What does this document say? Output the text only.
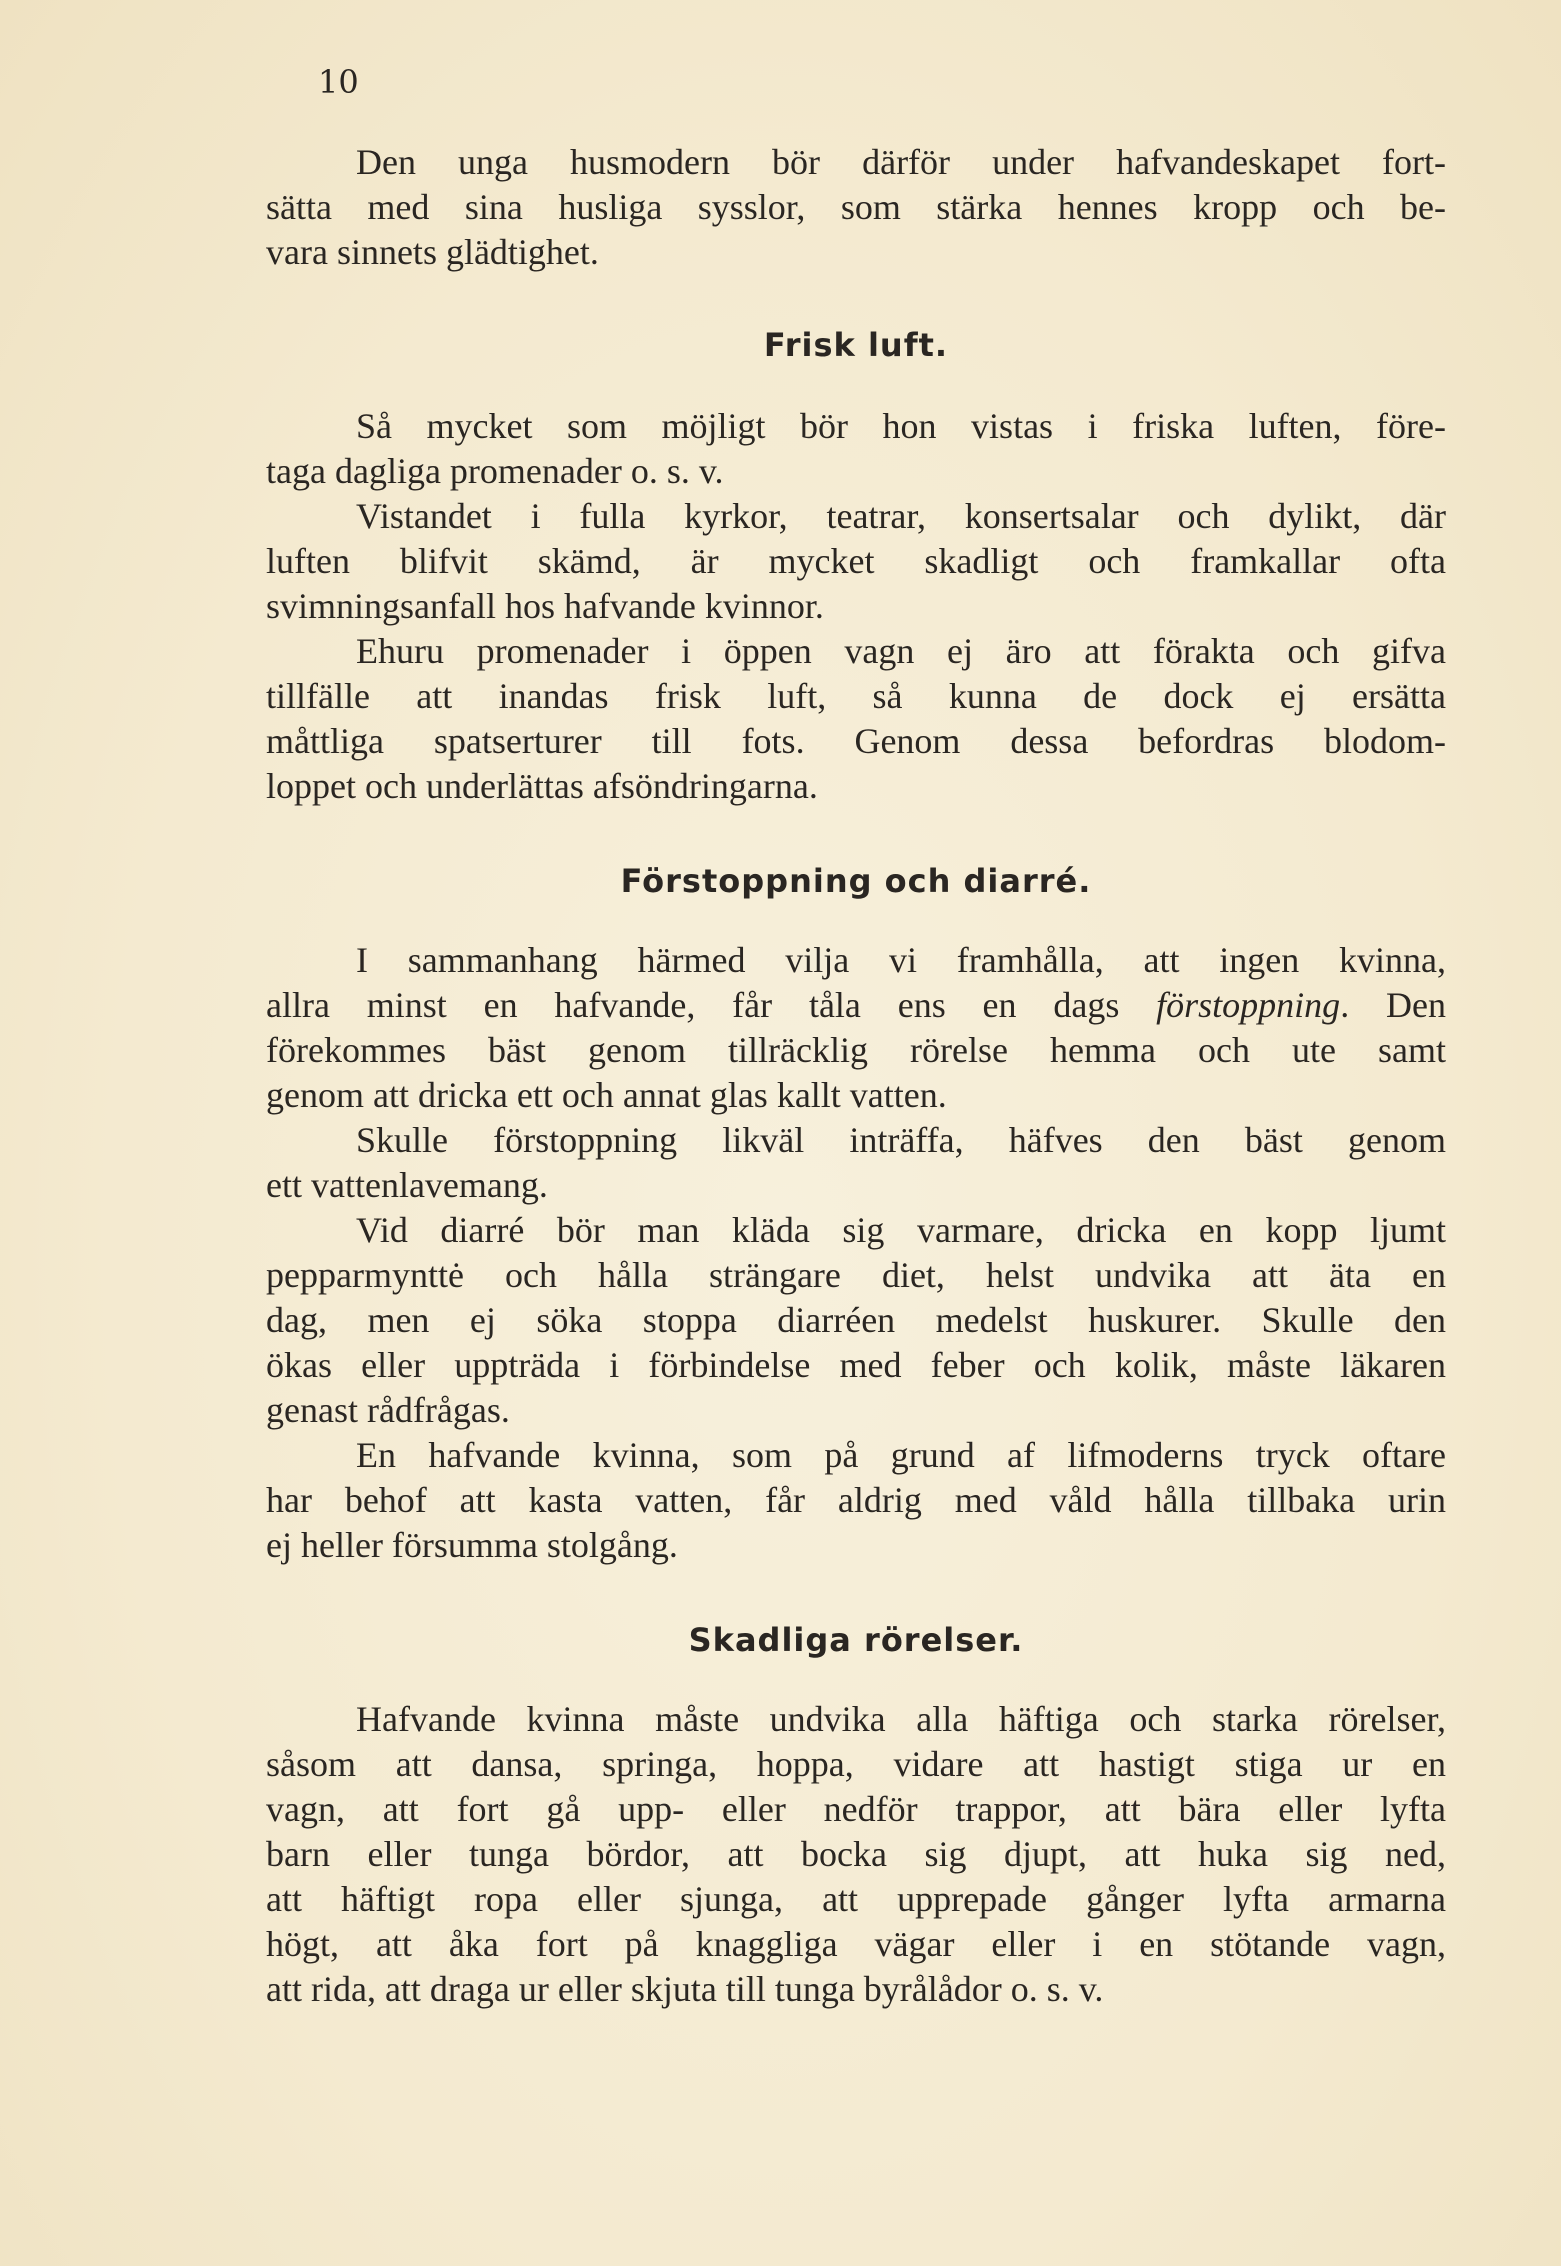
10

Den unga husmodern bör därför under hafvandeskapet fort-
sätta med sina husliga sysslor, som stärka hennes kropp och be-
vara sinnets glädtighet.

Frisk luft.

Så mycket som möjligt bör hon vistas i friska luften, före-
taga dagliga promenader o. s. v.

Vistandet i fulla kyrkor, teatrar, konsertsalar och dylikt, där
luften blifvit skämd, är mycket skadligt och framkallar ofta
svimningsanfall hos hafvande kvinnor.

Ehuru promenader i öppen vagn ej äro att förakta och gifva
tillfälle att inandas frisk luft, så kunna de dock ej ersätta
måttliga spatserturer till fots. Genom dessa befordras blodom-
loppet och underlättas afsöndringarna.

Förstoppning och diarré.

I sammanhang härmed vilja vi framhålla, att ingen kvinna,
allra minst en hafvande, får tåla ens en dags förstoppning. Den
förekommes bäst genom tillräcklig rörelse hemma och ute samt
genom att dricka ett och annat glas kallt vatten.

Skulle förstoppning likväl inträffa, häfves den bäst genom
ett vattenlavemang.

Vid diarré bör man kläda sig varmare, dricka en kopp ljumt
pepparmynttė och hålla strängare diet, helst undvika att äta en
dag, men ej söka stoppa diarréen medelst huskurer. Skulle den
ökas eller uppträda i förbindelse med feber och kolik, måste läkaren
genast rådfrågas.

En hafvande kvinna, som på grund af lifmoderns tryck oftare
har behof att kasta vatten, får aldrig med våld hålla tillbaka urin
ej heller försumma stolgång.

Skadliga rörelser.

Hafvande kvinna måste undvika alla häftiga och starka rörelser,
såsom att dansa, springa, hoppa, vidare att hastigt stiga ur en
vagn, att fort gå upp- eller nedför trappor, att bära eller lyfta
barn eller tunga bördor, att bocka sig djupt, att huka sig ned,
att häftigt ropa eller sjunga, att upprepade gånger lyfta armarna
högt, att åka fort på knaggliga vägar eller i en stötande vagn,
att rida, att draga ur eller skjuta till tunga byrålådor o. s. v.
